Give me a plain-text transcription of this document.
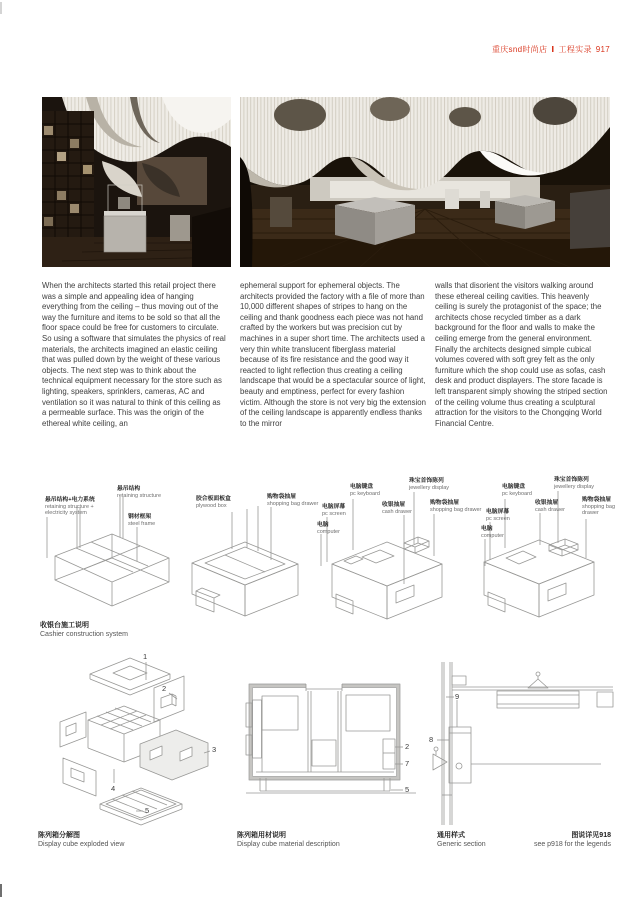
重庆snd时尚店 Ⅰ 工程实录 917
When the architects started this retail project there was a simple and appealing idea of hanging everything from the ceiling – thus moving out of the way the furniture and items to be sold so that all the floor space could be free for customers to circulate. So using a software that simulates the physics of real materials, the architects imagined an elastic ceiling that was pulled down by the weight of these various objects. The next step was to think about the technical equipment necessary for the store such as lighting, speakers, sprinklers, cameras, AC and ventilation so it was natural to think of this ceiling as a permeable surface. This was the origin of the ethereal white ceiling, an
ephemeral support for ephemeral objects. The architects provided the factory with a file of more than 10,000 different shapes of stripes to hang on the ceiling and thank goodness each piece was not hand crafted by the workers but was precision cut by machines in a super short time. The architects used a very thin white translucent fiberglass material because of its fire resistance and the good way it reacted to light reflection thus creating a ceiling landscape that would be a spectacular source of light, beauty and emptiness, perfect for every fashion victim. Although the store is not very big the extension of the ceiling landscape is apparently endless thanks to the mirror
walls that disorient the visitors walking around these ethereal ceiling cavities. This heavenly ceiling is surely the protagonist of the space; the architects chose recycled timber as a dark background for the floor and walls to make the ceiling emerge from the general environment. Finally the architects designed simple cubical volumes covered with soft grey felt as the only furniture which the shop could use as sofas, cash desk and product displayers. The store facade is left transparent simply showing the striped section of the ceiling volume thus creating a sculptural attraction for the visitors to the Chongqing World Financial Centre.
悬吊结构+电力系统
retaining structure + electricity system
悬吊结构
retaining structure
钢材框架
steel frame
胶合板面板盒
plywood box
购物袋抽屉
shopping bag drawer
电脑键盘
pc keyboard
珠宝首饰陈列
jewellery display
电脑屏幕
pc screen
收银抽屉
cash drawer
购物袋抽屉
shopping bag drawer
电脑
computer
电脑键盘
pc keyboard
珠宝首饰陈列
jewellery display
收银抽屉
cash drawer
购物袋抽屉
shopping bag drawer
电脑屏幕
pc screen
电脑
computer
收银台施工说明
Cashier construction system
陈列箱分解图
Display cube exploded view
陈列箱用材说明
Display cube material description
通用样式
Generic section
图说详见918
see p918 for the legends
1
2
3
4
5
2
7
5
9
8
